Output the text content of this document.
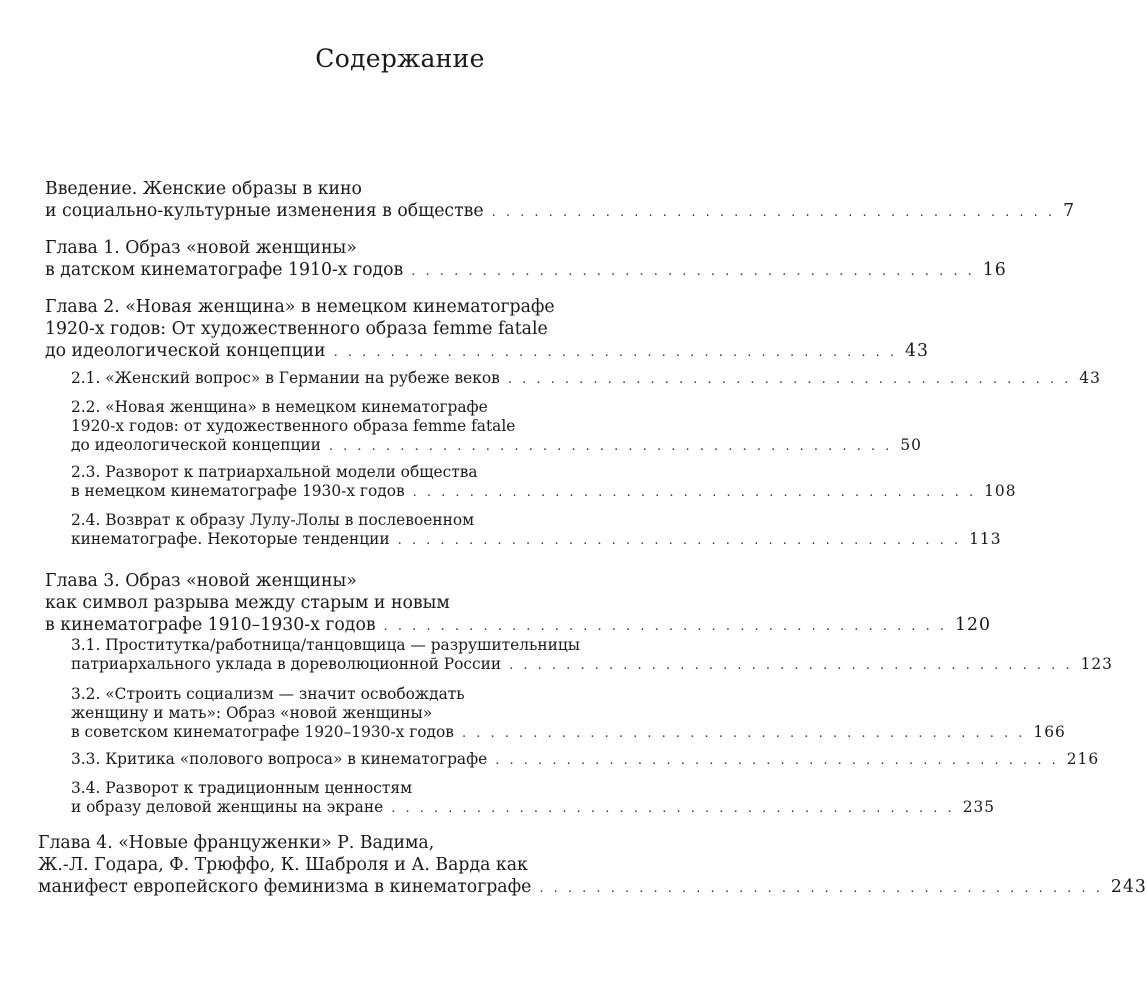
Содержание
Введение. Женские образы в кино
и социально-культурные изменения в обществе . . . . . . . . . . . . . . . . . . . . . . . . . . . . . . . . . . . . . . . . 7
Глава 1. Образ «новой женщины»
в датском кинематографе 1910-х годов . . . . . . . . . . . . . . . . . . . . . . . . . . . . . . . . . . . . . . . . 16
Глава 2. «Новая женщина» в немецком кинематографе
1920-х годов: От художественного образа femme fatale
до идеологической концепции . . . . . . . . . . . . . . . . . . . . . . . . . . . . . . . . . . . . . . . . 43
2.1. «Женский вопрос» в Германии на рубеже веков . . . . . . . . . . . . . . . . . . . . . . . . . . . . . . . . . . . . . . . . 43
2.2. «Новая женщина» в немецком кинематографе
1920-х годов: от художественного образа femme fatale
до идеологической концепции . . . . . . . . . . . . . . . . . . . . . . . . . . . . . . . . . . . . . . . . 50
2.3. Разворот к патриархальной модели общества
в немецком кинематографе 1930-х годов . . . . . . . . . . . . . . . . . . . . . . . . . . . . . . . . . . . . . . . . 108
2.4. Возврат к образу Лулу-Лолы в послевоенном
кинематографе. Некоторые тенденции . . . . . . . . . . . . . . . . . . . . . . . . . . . . . . . . . . . . . . . . 113
Глава 3. Образ «новой женщины»
как символ разрыва между старым и новым
в кинематографе 1910–1930-х годов . . . . . . . . . . . . . . . . . . . . . . . . . . . . . . . . . . . . . . . . 120
3.1. Проститутка/работница/танцовщица — разрушительницы
патриархального уклада в дореволюционной России . . . . . . . . . . . . . . . . . . . . . . . . . . . . . . . . . . . . . . . . 123
3.2. «Строить социализм — значит освобождать
женщину и мать»: Образ «новой женщины»
в советском кинематографе 1920–1930-х годов . . . . . . . . . . . . . . . . . . . . . . . . . . . . . . . . . . . . . . . . 166
3.3. Критика «полового вопроса» в кинематографе . . . . . . . . . . . . . . . . . . . . . . . . . . . . . . . . . . . . . . . . 216
3.4. Разворот к традиционным ценностям
и образу деловой женщины на экране . . . . . . . . . . . . . . . . . . . . . . . . . . . . . . . . . . . . . . . . 235
Глава 4. «Новые француженки» Р. Вадима,
Ж.-Л. Годара, Ф. Трюффо, К. Шаброля и А. Варда как
манифест европейского феминизма в кинематографе . . . . . . . . . . . . . . . . . . . . . . . . . . . . . . . . . . . . . . . . 243
